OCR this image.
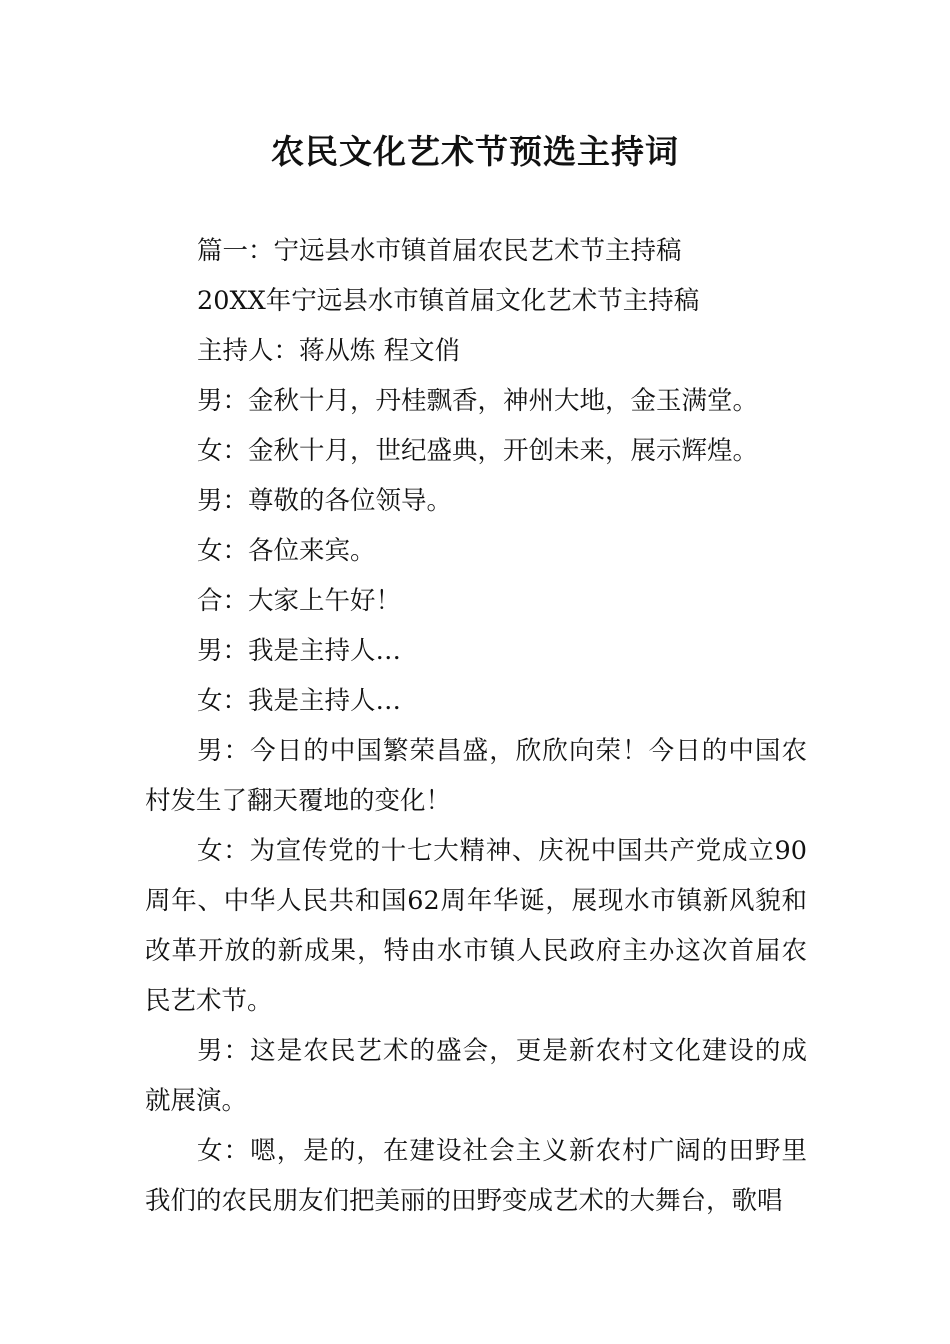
农民文化艺术节预选主持词

篇一：宁远县水市镇首届农民艺术节主持稿

20XX年宁远县水市镇首届文化艺术节主持稿

主持人：蒋从炼 程文俏

男：金秋十月，丹桂飘香，神州大地，金玉满堂。

女：金秋十月，世纪盛典，开创未来，展示辉煌。

男：尊敬的各位领导。

女：各位来宾。

合：大家上午好！

男：我是主持人…

女：我是主持人…

男：今日的中国繁荣昌盛，欣欣向荣！今日的中国农村发生了翻天覆地的变化！

女：为宣传党的十七大精神、庆祝中国共产党成立90周年、中华人民共和国62周年华诞，展现水市镇新风貌和改革开放的新成果，特由水市镇人民政府主办这次首届农民艺术节。

男：这是农民艺术的盛会，更是新农村文化建设的成就展演。

女：嗯，是的，在建设社会主义新农村广阔的田野里我们的农民朋友们把美丽的田野变成艺术的大舞台，歌唱
